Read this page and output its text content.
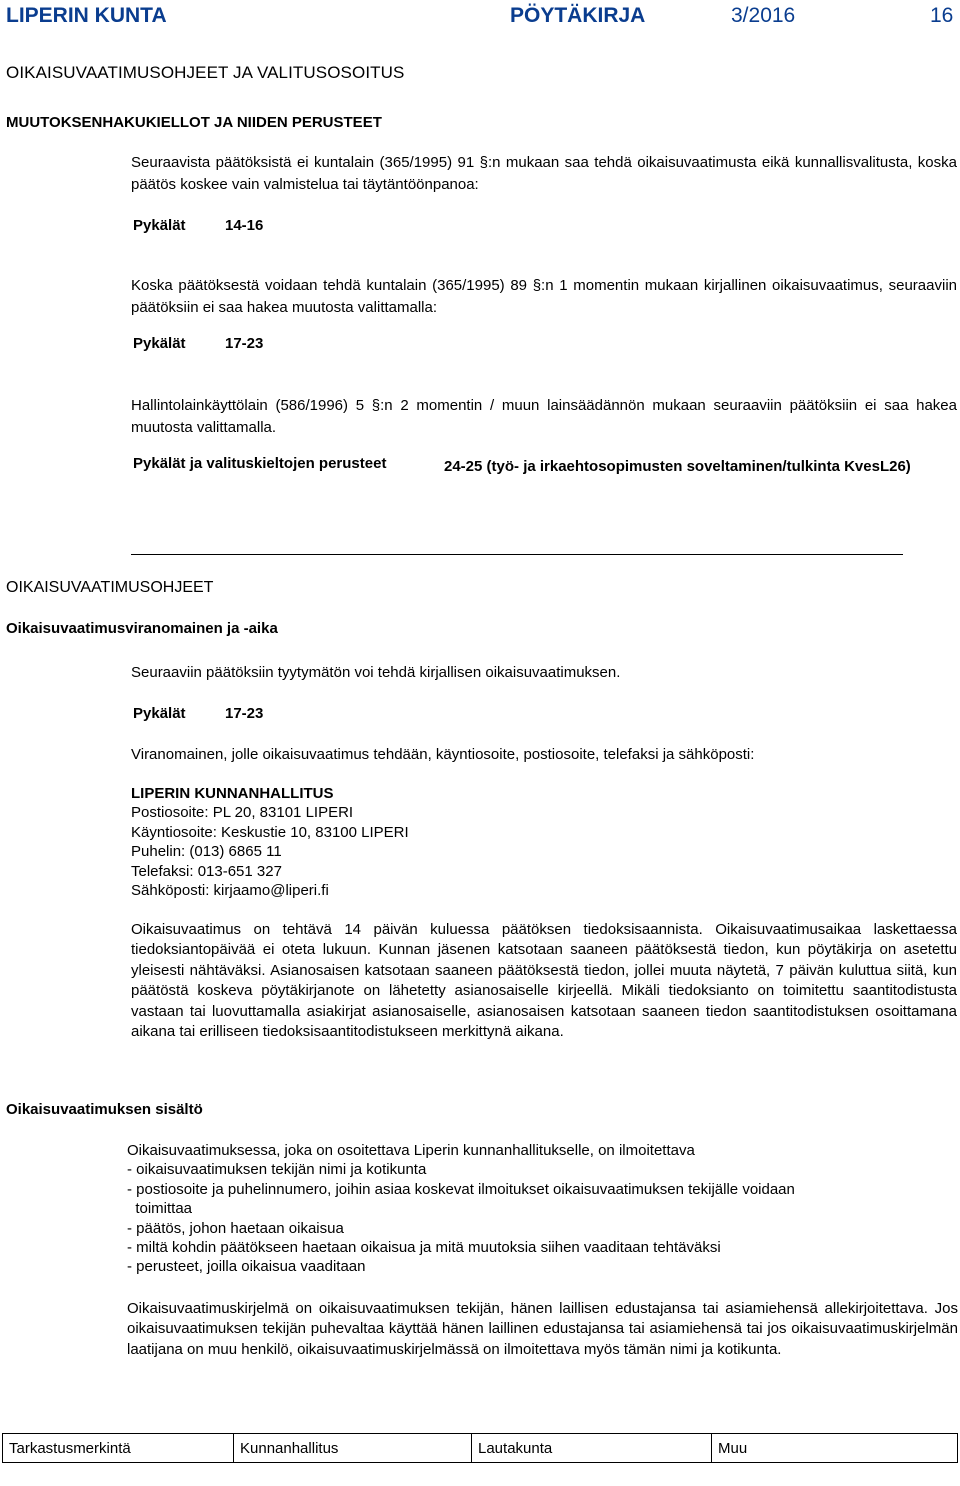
LIPERIN KUNTA	PÖYTÄKIRJA	3/2016	16
OIKAISUVAATIMUSOHJEET JA VALITUSOSOITUS
MUUTOKSENHAKUKIELLOT JA NIIDEN PERUSTEET
Seuraavista päätöksistä ei kuntalain (365/1995) 91 §:n mukaan saa tehdä oikaisuvaatimusta eikä kunnallisvalitusta, koska päätös koskee vain valmistelua tai täytäntöönpanoa:
Pykälät	14-16
Koska päätöksestä voidaan tehdä kuntalain (365/1995) 89 §:n 1 momentin mukaan kirjallinen oikaisuvaatimus, seuraaviin päätöksiin ei saa hakea muutosta valittamalla:
Pykälät	17-23
Hallintolainkäyttölain (586/1996) 5 §:n 2 momentin / muun lainsäädännön mukaan seuraaviin päätöksiin ei saa hakea muutosta valittamalla.
Pykälät ja valituskieltojen perusteet	24-25 (työ- ja irkaehtosopimusten soveltaminen/tulkinta KvesL26)
OIKAISUVAATIMUSOHJEET
Oikaisuvaatimusviranomainen ja -aika
Seuraaviin päätöksiin tyytymätön voi tehdä kirjallisen oikaisuvaatimuksen.
Pykälät	17-23
Viranomainen, jolle oikaisuvaatimus tehdään, käyntiosoite, postiosoite, telefaksi ja sähköposti:
LIPERIN KUNNANHALLITUS
Postiosoite: PL 20, 83101 LIPERI
Käyntiosoite: Keskustie 10, 83100 LIPERI
Puhelin: (013) 6865 11
Telefaksi: 013-651 327
Sähköposti: kirjaamo@liperi.fi
Oikaisuvaatimus on tehtävä 14 päivän kuluessa päätöksen tiedoksisaannista. Oikaisuvaatimusaikaa laskettaessa tiedoksiantopäivää ei oteta lukuun. Kunnan jäsenen katsotaan saaneen päätöksestä tiedon, kun pöytäkirja on asetettu yleisesti nähtäväksi. Asianosaisen katsotaan saaneen päätöksestä tiedon, jollei muuta näytetä, 7 päivän kuluttua siitä, kun päätöstä koskeva pöytäkirjanote on lähetetty asianosaiselle kirjeellä. Mikäli tiedoksianto on toimitettu saantitodistusta vastaan tai luovuttamalla asiakirjat asianosaiselle, asianosaisen katsotaan saaneen tiedon saantitodistuksen osoittamana aikana tai erilliseen tiedoksisaantitodistukseen merkittynä aikana.
Oikaisuvaatimuksen sisältö
Oikaisuvaatimuksessa, joka on osoitettava Liperin kunnanhallitukselle, on ilmoitettava
- oikaisuvaatimuksen tekijän nimi ja kotikunta
- postiosoite ja puhelinnumero, joihin asiaa koskevat ilmoitukset oikaisuvaatimuksen tekijälle voidaan
toimittaa
- päätös, johon haetaan oikaisua
- miltä kohdin päätökseen haetaan oikaisua ja mitä muutoksia siihen vaaditaan tehtäväksi
- perusteet, joilla oikaisua vaaditaan
Oikaisuvaatimuskirjelmä on oikaisuvaatimuksen tekijän, hänen laillisen edustajansa tai asiamiehensä allekirjoitettava. Jos oikaisuvaatimuksen tekijän puhevaltaa käyttää hänen laillinen edustajansa tai asiamiehensä tai jos oikaisuvaatimuskirjelmän laatijana on muu henkilö, oikaisuvaatimuskirjelmässä on ilmoitettava myös tämän nimi ja kotikunta.
Tarkastusmerkintä	Kunnanhallitus	Lautakunta	Muu
